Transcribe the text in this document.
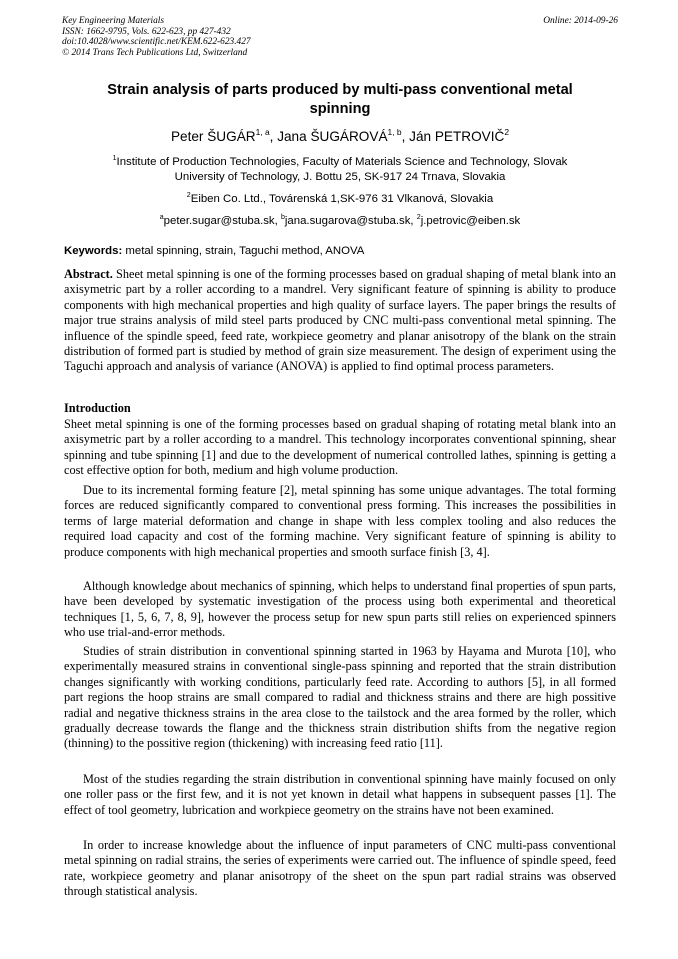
Key Engineering Materials
ISSN: 1662-9795, Vols. 622-623, pp 427-432
doi:10.4028/www.scientific.net/KEM.622-623.427
© 2014 Trans Tech Publications Ltd, Switzerland
Online: 2014-09-26
Strain analysis of parts produced by multi-pass conventional metal
spinning
Peter ŠUGÁR$^{1, a}$, Jana ŠUGÁROVÁ$^{1, b}$, Ján PETROVIČ$^2$
$^1$Institute of Production Technologies, Faculty of Materials Science and Technology, Slovak
University of Technology, J. Bottu 25, SK-917 24 Trnava, Slovakia
$^2$Eiben Co. Ltd., Továrenská 1,SK-976 31 Vlkanová, Slovakia
$^a$peter.sugar@stuba.sk, $^b$jana.sugarova@stuba.sk, $^2$j.petrovic@eiben.sk
Keywords: metal spinning, strain, Taguchi method, ANOVA
Abstract. Sheet metal spinning is one of the forming processes based on gradual shaping of metal blank into an axisymetric part by a roller according to a mandrel. Very significant feature of spinning is ability to produce components with high mechanical properties and high quality of surface layers. The paper brings the results of major true strains analysis of mild steel parts produced by CNC multi-pass conventional metal spinning. The influence of the spindle speed, feed rate, workpiece geometry and planar anisotropy of the blank on the strain distribution of formed part is studied by method of grain size measurement. The design of experiment using the Taguchi approach and analysis of variance (ANOVA) is applied to find optimal process parameters.
Introduction
Sheet metal spinning is one of the forming processes based on gradual shaping of rotating metal blank into an axisymetric part by a roller according to a mandrel. This technology incorporates conventional spinning, shear spinning and tube spinning [1] and due to the development of numerical controlled lathes, spinning is getting a cost effective option for both, medium and high volume production.
Due to its incremental forming feature [2], metal spinning has some unique advantages. The total forming forces are reduced significantly compared to conventional press forming. This increases the possibilities in terms of large material deformation and change in shape with less complex tooling and also reduces the required load capacity and cost of the forming machine. Very significant feature of spinning is ability to produce components with high mechanical properties and smooth surface finish [3, 4].
Although knowledge about mechanics of spinning, which helps to understand final properties of spun parts, have been developed by systematic investigation of the process using both experimental and theoretical techniques [1, 5, 6, 7, 8, 9], however the process setup for new spun parts still relies on experienced spinners who use trial-and-error methods.
Studies of strain distribution in conventional spinning started in 1963 by Hayama and Murota [10], who experimentally measured strains in conventional single-pass spinning and reported that the strain distribution changes significantly with working conditions, particularly feed rate. According to authors [5], in all formed part regions the hoop strains are small compared to radial and thickness strains and there are high possitive radial and negative thickness strains in the area close to the tailstock and the area formed by the roller, which gradually decrease towards the flange and the thickness strain distribution shifts from the negative region (thinning) to the possitive region (thickening) with increasing feed ratio [11].
Most of the studies regarding the strain distribution in conventional spinning have mainly focused on only one roller pass or the first few, and it is not yet known in detail what happens in subsequent passes [1]. The effect of tool geometry, lubrication and workpiece geometry on the strains have not been examined.
In order to increase knowledge about the influence of input parameters of CNC multi-pass conventional metal spinning on radial strains, the series of experiments were carried out. The influence of spindle speed, feed rate, workpiece geometry and planar anisotropy of the sheet on the spun part radial strains was observed through statistical analysis.
